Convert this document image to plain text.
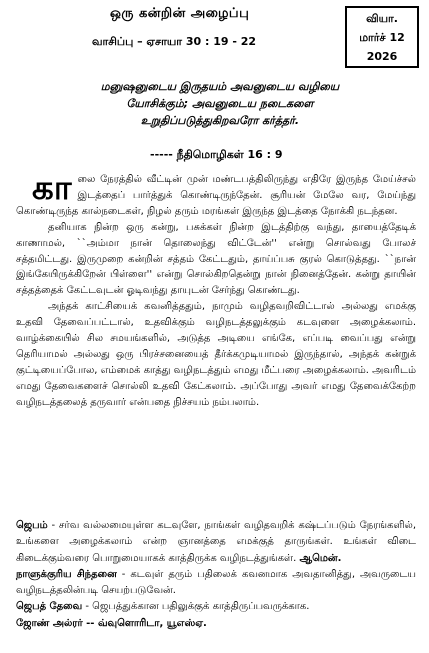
ஒரு கன்றின் அழைப்பு
வாசிப்பு – ஏசாயா 30 : 19 - 22
வியா.
மார்ச் 12
2026
மனுஷனுடைய இருதயம் அவனுடைய வழியை
யோசிக்கும்; அவனுடைய நடைகளை
உறுதிப்படுத்துகிறவரோ கர்த்தர்.
----- நீதிமொழிகள் 16 : 9

கா லை நேரத்தில் வீட்டின் முன் மண்டபத்திலிருந்து எதிரே இருந்த மேய்ச்சல் இடத்தைப் பார்த்துக் கொண்டிருந்தேன். சூரியன் மேலே வர, மேய்ந்து கொண்டிருந்த கால்நடைகள், நிழல் தரும் மரங்கள் இருந்த இடத்தை நோக்கி நடந்தன.

தனியாக நின்ற ஒரு கன்று, பசுக்கள் நின்ற இடத்திற்கு வந்து, தாயைத்தேடிக் காணாமல், ``அம்மா நான் தொலைந்து விட்டேன்'' என்று சொல்வது போலச் சத்தமிட்டது. இருமுறை கன்றின் சத்தம் கேட்டதும், தாய்ப்பசு குரல் கொடுத்தது. ``நான் இங்கேயிருக்கிறேன் பிள்ளை'' என்று சொல்கிறதென்று நான் நினைத்தேன். கன்று தாயின் சத்தத்தைக் கேட்டவுடன் ஓடிவந்து தாயுடன் சேர்ந்து கொண்டது.

அந்தக் காட்சியைக் கவனித்ததும், நாமும் வழிதவறிவிட்டால் அல்லது எமக்கு உதவி தேவைப்பட்டால், உதவிக்கும் வழிநடத்தலுக்கும் கடவுளை அழைக்கலாம். வாழ்க்கையில் சில சமயங்களில், அடுத்த அடியை எங்கே, எப்படி வைப்பது என்று தெரியாமல் அல்லது ஒரு பிரச்சனையைத் தீர்க்கமுடியாமல் இருந்தால், அந்தக் கன்றுக் குட்டியைப்போல, எம்மைக் காத்து வழிநடத்தும் எமது மீட்பரை அழைக்கலாம். அவரிடம் எமது தேவைகளைச் சொல்லி உதவி கேட்கலாம். அப்போது அவர் எமது தேவைக்கேற்ற வழிநடத்தலைத் தருவார் என்பதை நிச்சயம் நம்பலாம்.

ஜெபம் - சர்வ வல்லமையுள்ள கடவுளே, நாங்கள் வழிதவறிக் கஷ்டப்படும் நேரங்களில், உங்களை அழைக்கலாம் என்ற ஞானத்தை எமக்குத் தாருங்கள். உங்கள் விடை கிடைக்கும்வரை பொறுமையாகக் காத்திருக்க வழிநடத்துங்கள். ஆமென்.

நாளுக்குரிய சிந்தனை - கடவுள் தரும் பதிலைக் கவனமாக அவதானித்து, அவருடைய வழிநடத்தலின்படி செயற்படுவேன்.

ஜெபத் தேவை - ஜெபத்துக்கான பதிலுக்குக் காத்திருப்பவருக்காக.

ஜோண் அல்ரர் -- வ்வுளொரிடா, யூஎஸ்ஏ.
